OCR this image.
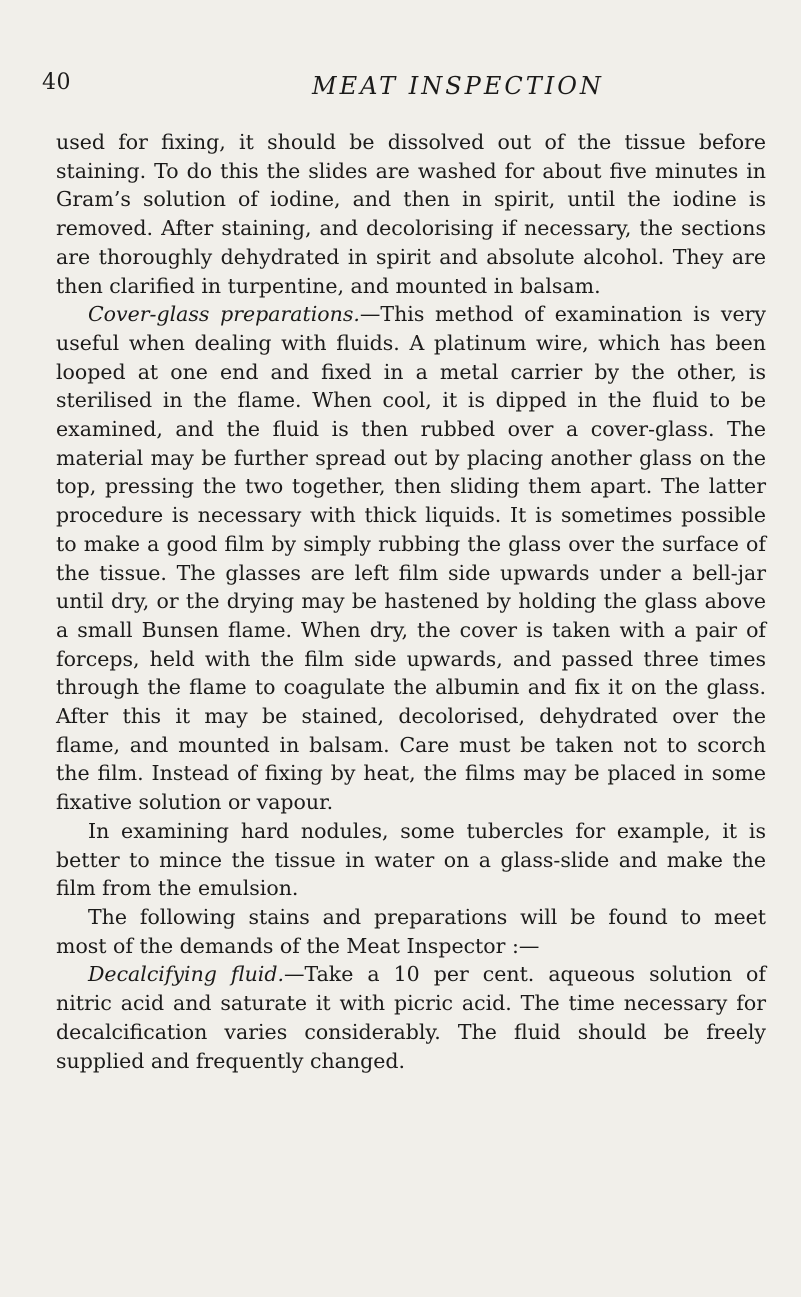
40	MEAT INSPECTION

used for fixing, it should be dissolved out of the tissue before staining. To do this the slides are washed for about five minutes in Gram’s solution of iodine, and then in spirit, until the iodine is removed. After staining, and decolorising if necessary, the sections are thoroughly dehydrated in spirit and absolute alcohol. They are then clarified in turpentine, and mounted in balsam.

Cover-glass preparations.—This method of examination is very useful when dealing with fluids. A platinum wire, which has been looped at one end and fixed in a metal carrier by the other, is sterilised in the flame. When cool, it is dipped in the fluid to be examined, and the fluid is then rubbed over a cover-glass. The material may be further spread out by placing another glass on the top, pressing the two together, then sliding them apart. The latter procedure is necessary with thick liquids. It is sometimes possible to make a good film by simply rubbing the glass over the surface of the tissue. The glasses are left film side upwards under a bell-jar until dry, or the drying may be hastened by holding the glass above a small Bunsen flame. When dry, the cover is taken with a pair of forceps, held with the film side upwards, and passed three times through the flame to coagulate the albumin and fix it on the glass. After this it may be stained, decolorised, dehydrated over the flame, and mounted in balsam. Care must be taken not to scorch the film. Instead of fixing by heat, the films may be placed in some fixative solution or vapour.

In examining hard nodules, some tubercles for example, it is better to mince the tissue in water on a glass-slide and make the film from the emulsion.

The following stains and preparations will be found to meet most of the demands of the Meat Inspector :—

Decalcifying fluid.—Take a 10 per cent. aqueous solution of nitric acid and saturate it with picric acid. The time necessary for decalcification varies considerably. The fluid should be freely supplied and frequently changed.
